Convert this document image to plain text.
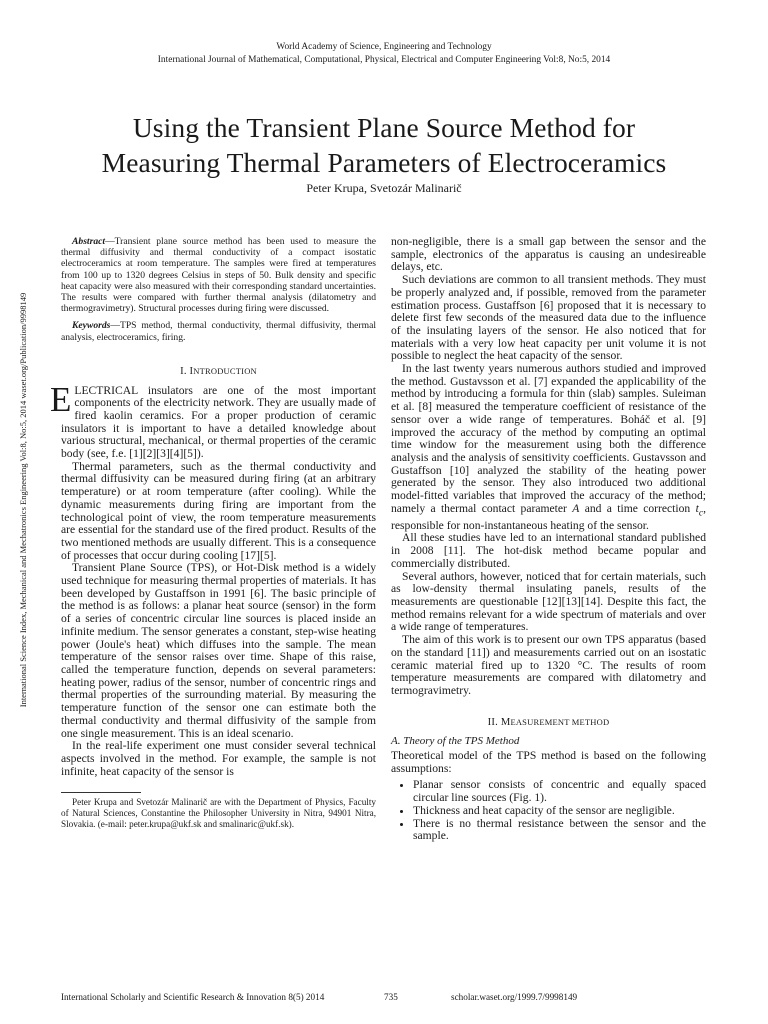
World Academy of Science, Engineering and Technology
International Journal of Mathematical, Computational, Physical, Electrical and Computer Engineering Vol:8, No:5, 2014
Using the Transient Plane Source Method for
Measuring Thermal Parameters of Electroceramics
Peter Krupa, Svetozár Malinarič
International Science Index, Mechanical and Mechatronics Engineering Vol:8, No:5, 2014 waset.org/Publication/9998149
Abstract—Transient plane source method has been used to measure the thermal diffusivity and thermal conductivity of a compact isostatic electroceramics at room temperature. The samples were fired at temperatures from 100 up to 1320 degrees Celsius in steps of 50. Bulk density and specific heat capacity were also measured with their corresponding standard uncertainties. The results were compared with further thermal analysis (dilatometry and thermogravimetry). Structural processes during firing were discussed.
Keywords—TPS method, thermal conductivity, thermal diffusivity, thermal analysis, electroceramics, firing.
I. INTRODUCTION

ELECTRICAL insulators are one of the most important components of the electricity network. They are usually made of fired kaolin ceramics. For a proper production of ceramic insulators it is important to have a detailed knowledge about various structural, mechanical, or thermal properties of the ceramic body (see, f.e. [1][2][3][4][5]).

Thermal parameters, such as the thermal conductivity and thermal diffusivity can be measured during firing (at an arbitrary temperature) or at room temperature (after cooling). While the dynamic measurements during firing are important from the technological point of view, the room temperature measurements are essential for the standard use of the fired product. Results of the two mentioned methods are usually different. This is a consequence of processes that occur during cooling [17][5].

Transient Plane Source (TPS), or Hot-Disk method is a widely used technique for measuring thermal properties of materials. It has been developed by Gustaffson in 1991 [6]. The basic principle of the method is as follows: a planar heat source (sensor) in the form of a series of concentric circular line sources is placed inside an infinite medium. The sensor generates a constant, step-wise heating power (Joule's heat) which diffuses into the sample. The mean temperature of the sensor raises over time. Shape of this raise, called the temperature function, depends on several parameters: heating power, radius of the sensor, number of concentric rings and thermal properties of the surrounding material. By measuring the temperature function of the sensor one can estimate both the thermal conductivity and thermal diffusivity of the sample from one single measurement. This is an ideal scenario.

In the real-life experiment one must consider several technical aspects involved in the method. For example, the sample is not infinite, heat capacity of the sensor is

Peter Krupa and Svetozár Malinarič are with the Department of Physics, Faculty of Natural Sciences, Constantine the Philosopher University in Nitra, 94901 Nitra, Slovakia. (e-mail: peter.krupa@ukf.sk and smalinaric@ukf.sk).

non-negligible, there is a small gap between the sensor and the sample, electronics of the apparatus is causing an undesireable delays, etc.

Such deviations are common to all transient methods. They must be properly analyzed and, if possible, removed from the parameter estimation process. Gustaffson [6] proposed that it is necessary to delete first few seconds of the measured data due to the influence of the insulating layers of the sensor. He also noticed that for materials with a very low heat capacity per unit volume it is not possible to neglect the heat capacity of the sensor.

In the last twenty years numerous authors studied and improved the method. Gustavsson et al. [7] expanded the applicability of the method by introducing a formula for thin (slab) samples. Suleiman et al. [8] measured the temperature coefficient of resistance of the sensor over a wide range of temperatures. Boháč et al. [9] improved the accuracy of the method by computing an optimal time window for the measurement using both the difference analysis and the analysis of sensitivity coefficients. Gustavsson and Gustaffson [10] analyzed the stability of the heating power generated by the sensor. They also introduced two additional model-fitted variables that improved the accuracy of the method; namely a thermal contact parameter A and a time correction $t_c$, responsible for non-instantaneous heating of the sensor.

All these studies have led to an international standard published in 2008 [11]. The hot-disk method became popular and commercially distributed.

Several authors, however, noticed that for certain materials, such as low-density thermal insulating panels, results of the measurements are questionable [12][13][14]. Despite this fact, the method remains relevant for a wide spectrum of materials and over a wide range of temperatures.

The aim of this work is to present our own TPS apparatus (based on the standard [11]) and measurements carried out on an isostatic ceramic material fired up to 1320 °C. The results of room temperature measurements are compared with dilatometry and termogravimetry.

II. MEASUREMENT METHOD
A. Theory of the TPS Method

Theoretical model of the TPS method is based on the following assumptions:

• Planar sensor consists of concentric and equally spaced circular line sources (Fig. 1).
• Thickness and heat capacity of the sensor are negligible.
• There is no thermal resistance between the sensor and the sample.
International Scholarly and Scientific Research & Innovation 8(5) 2014	735	scholar.waset.org/1999.7/9998149
